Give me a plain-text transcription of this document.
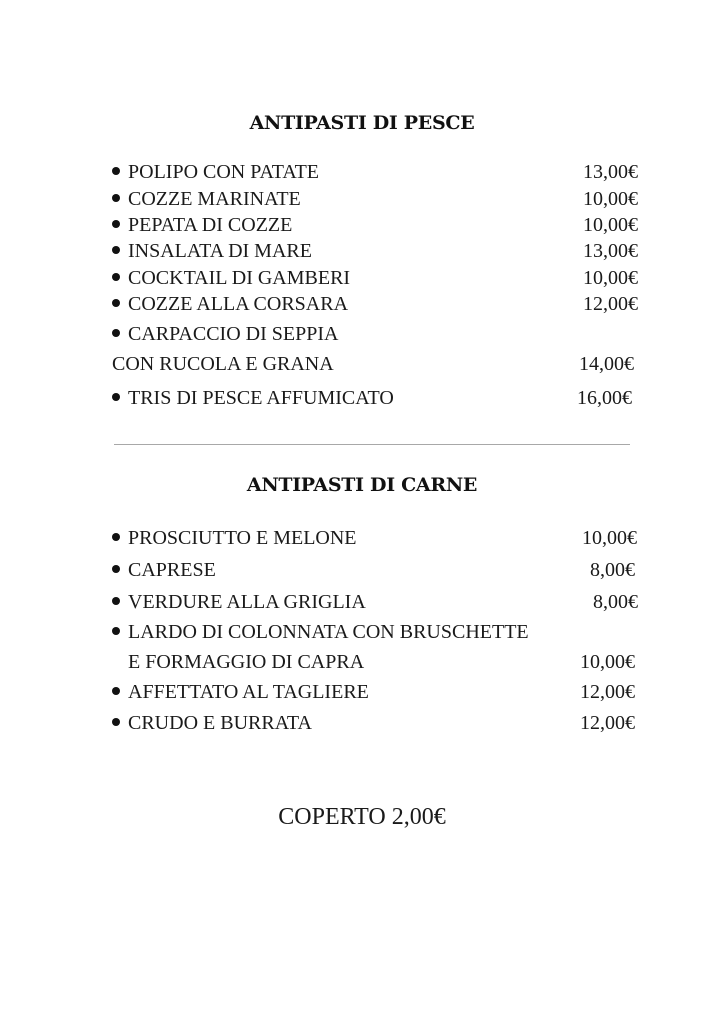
ANTIPASTI DI PESCE
POLIPO CON PATATE	13,00€
COZZE MARINATE	10,00€
PEPATA DI COZZE	10,00€
INSALATA DI MARE	13,00€
COCKTAIL DI GAMBERI	10,00€
COZZE ALLA CORSARA	12,00€
CARPACCIO DI SEPPIA
CON RUCOLA E GRANA	14,00€
TRIS DI PESCE AFFUMICATO	16,00€
ANTIPASTI DI CARNE
PROSCIUTTO E MELONE	10,00€
CAPRESE	8,00€
VERDURE ALLA GRIGLIA	8,00€
LARDO DI COLONNATA CON BRUSCHETTE
E FORMAGGIO DI CAPRA	10,00€
AFFETTATO AL TAGLIERE	12,00€
CRUDO E BURRATA	12,00€
COPERTO 2,00€
